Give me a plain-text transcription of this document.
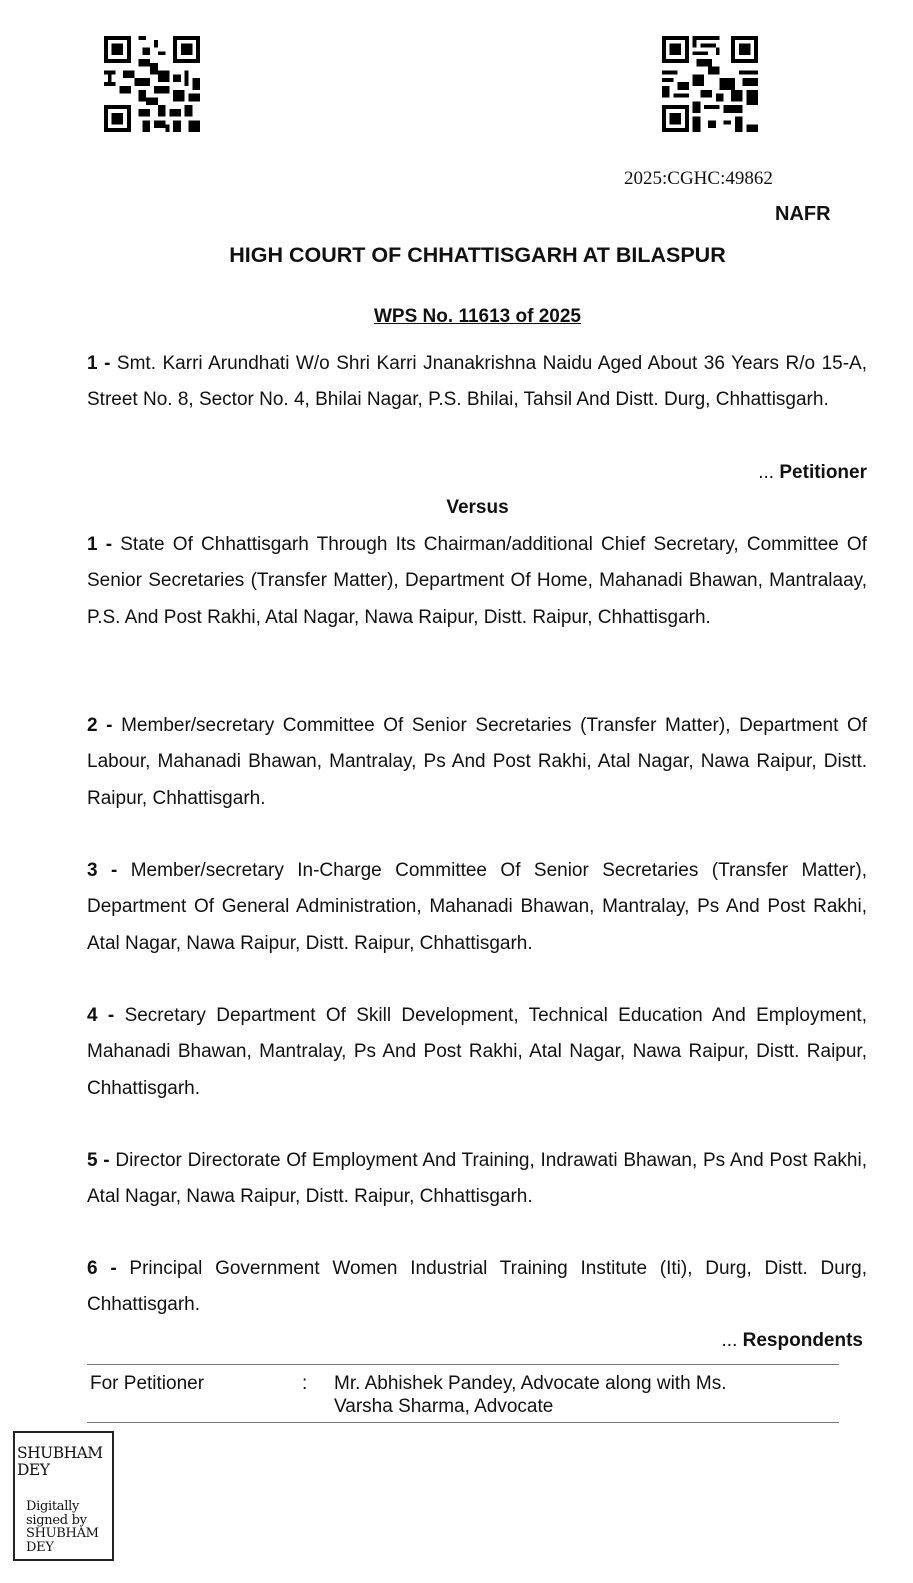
2025:CGHC:49862
NAFR
HIGH COURT OF CHHATTISGARH AT BILASPUR
WPS No. 11613 of 2025
1 - Smt. Karri Arundhati W/o Shri Karri Jnanakrishna Naidu Aged About 36 Years R/o 15-A, Street No. 8, Sector No. 4, Bhilai Nagar, P.S. Bhilai, Tahsil And Distt. Durg, Chhattisgarh.
... Petitioner
Versus
1 - State Of Chhattisgarh Through Its Chairman/additional Chief Secretary, Committee Of Senior Secretaries (Transfer Matter), Department Of Home, Mahanadi Bhawan, Mantralaay, P.S. And Post Rakhi, Atal Nagar, Nawa Raipur, Distt. Raipur, Chhattisgarh.
2 - Member/secretary Committee Of Senior Secretaries (Transfer Matter), Department Of Labour, Mahanadi Bhawan, Mantralay, Ps And Post Rakhi, Atal Nagar, Nawa Raipur, Distt. Raipur, Chhattisgarh.
3 - Member/secretary In-Charge Committee Of Senior Secretaries (Transfer Matter), Department Of General Administration, Mahanadi Bhawan, Mantralay, Ps And Post Rakhi, Atal Nagar, Nawa Raipur, Distt. Raipur, Chhattisgarh.
4 - Secretary Department Of Skill Development, Technical Education And Employment, Mahanadi Bhawan, Mantralay, Ps And Post Rakhi, Atal Nagar, Nawa Raipur, Distt. Raipur, Chhattisgarh.
5 - Director Directorate Of Employment And Training, Indrawati Bhawan, Ps And Post Rakhi, Atal Nagar, Nawa Raipur, Distt. Raipur, Chhattisgarh.
6 - Principal Government Women Industrial Training Institute (Iti), Durg, Distt. Durg, Chhattisgarh.
... Respondents
For Petitioner	: Mr. Abhishek Pandey, Advocate along with Ms.
Varsha Sharma, Advocate
SHUBHAM
DEY
Digitally
signed by
SHUBHAM
DEY
